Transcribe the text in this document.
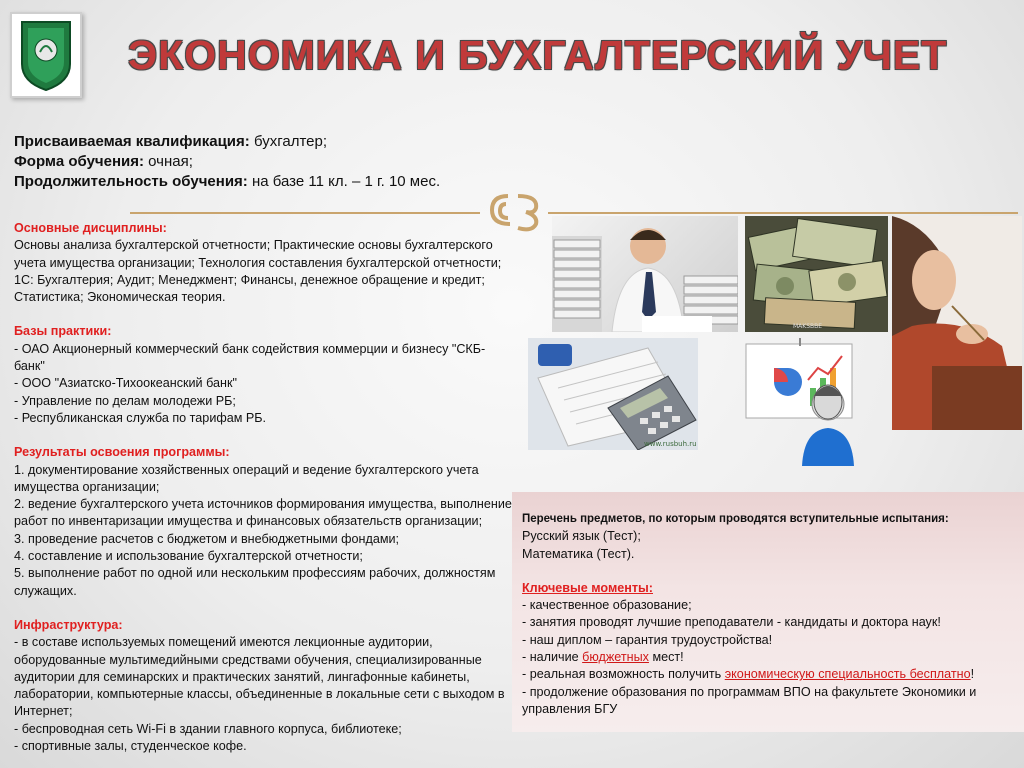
ЭКОНОМИКА И БУХГАЛТЕРСКИЙ УЧЕТ
Присваиваемая квалификация: бухгалтер;
Форма обучения: очная;
Продолжительность обучения: на базе 11 кл. – 1 г. 10 мес.
Основные дисциплины:
Основы анализа бухгалтерской отчетности; Практические основы бухгалтерского учета имущества организации; Технология составления бухгалтерской отчетности; 1С: Бухгалтерия; Аудит; Менеджмент; Финансы, денежное обращение и кредит; Статистика; Экономическая теория.
Базы практики:
- ОАО Акционерный коммерческий банк содействия коммерции и бизнесу "СКБ-банк"
- ООО "Азиатско-Тихоокеанский банк"
- Управление по делам молодежи РБ;
- Республиканская служба по тарифам РБ.
Результаты освоения программы:
1. документирование хозяйственных операций и ведение бухгалтерского учета имущества организации;
2. ведение бухгалтерского учета источников формирования имущества, выполнение работ по инвентаризации имущества и финансовых обязательств организации;
3. проведение расчетов с бюджетом и внебюджетными фондами;
4. составление и использование бухгалтерской отчетности;
5. выполнение работ по одной или нескольким профессиям рабочих, должностям служащих.
Инфраструктура:
- в составе используемых помещений имеются лекционные аудитории, оборудованные мультимедийными средствами обучения, специализированные аудитории для семинарских и практических занятий, лингафонные кабинеты, лаборатории, компьютерные классы, объединенные в локальные сети с выходом в Интернет;
- беспроводная сеть Wi-Fi в здании главного корпуса, библиотеке;
- спортивные залы, студенческое кофе.
MAKSBBE
www.rusbuh.ru
Перечень предметов, по которым проводятся вступительные испытания:
Русский язык (Тест);
Математика (Тест).
Ключевые моменты:
- качественное образование;
- занятия проводят лучшие преподаватели - кандидаты и доктора наук!
- наш диплом – гарантия трудоустройства!
- наличие бюджетных мест!
- реальная возможность получить экономическую специальность бесплатно!
- продолжение образования по программам ВПО на факультете Экономики и управления БГУ
